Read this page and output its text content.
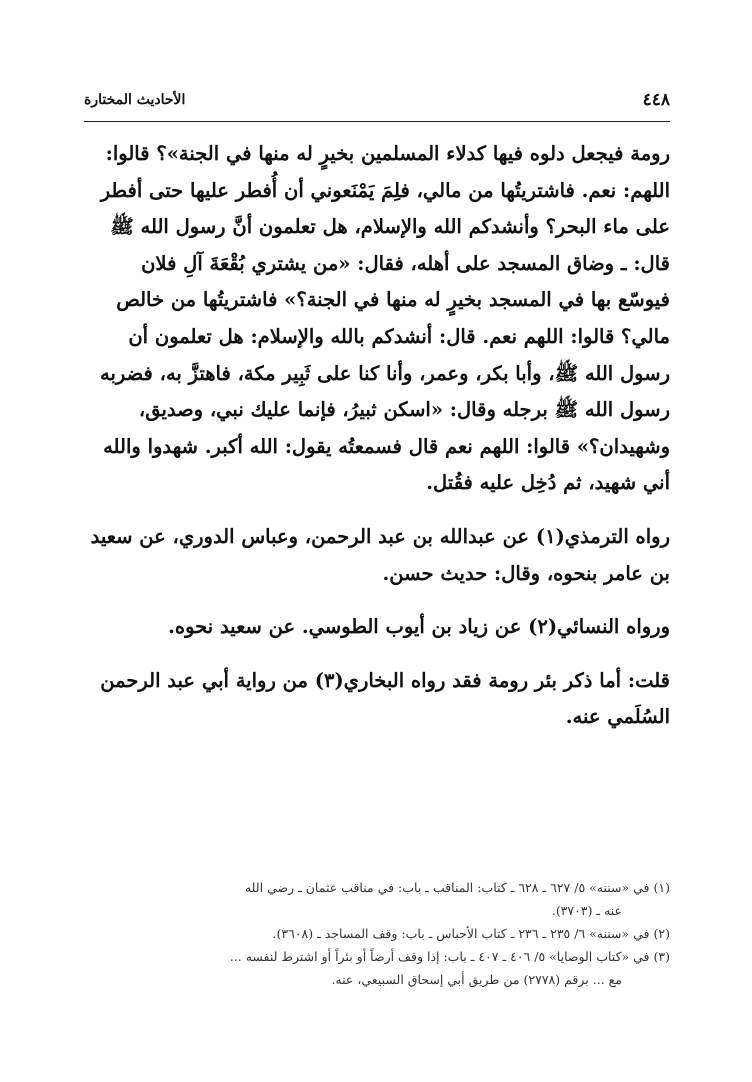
٤٤٨
الأحاديث المختارة

رومة فيجعل دلوه فيها كدلاء المسلمين بخيرٍ له منها في الجنة»؟ قالوا: اللهم: نعم. فاشتريتُها من مالي، فلِمَ يَمْنَعوني أن أُفطر عليها حتى أفطر على ماء البحر؟ وأنشدكم الله والإسلام، هل تعلمون أنَّ رسول الله ﷺ قال: ـ وضاق المسجد على أهله، فقال: «من يشتري بُقْعَةَ آلِ فلان فيوسّع بها في المسجد بخيرٍ له منها في الجنة؟» فاشتريتُها من خالص مالي؟ قالوا: اللهم نعم. قال: أنشدكم بالله والإسلام: هل تعلمون أن رسول الله ﷺ، وأبا بكر، وعمر، وأنا كنا على ثَبِير مكة، فاهتزَّ به، فضربه رسول الله ﷺ برجله وقال: «اسكن ثبيرُ، فإنما عليك نبي، وصديق، وشهيدان؟» قالوا: اللهم نعم قال فسمعتُه يقول: الله أكبر. شهدوا والله أني شهيد، ثم دُخِل عليه فقُتل.

رواه الترمذي(١) عن عبدالله بن عبد الرحمن، وعباس الدوري، عن سعيد بن عامر بنحوه، وقال: حديث حسن.

ورواه النسائي(٢) عن زياد بن أيوب الطوسي. عن سعيد نحوه.

قلت: أما ذكر بئر رومة فقد رواه البخاري(٣) من رواية أبي عبد الرحمن السُلَمي عنه.

(١) في «سننه» ٥/ ٦٢٧ ـ ٦٢٨ ـ كتاب: المناقب ـ باب: في مناقب عثمان ـ رضي الله

عنه ـ (٣٧٠٣).

(٢) في «سننه» ٦/ ٢٣٥ ـ ٢٣٦ ـ كتاب الأحباس ـ باب: وقف المساجد ـ (٣٦٠٨).

(٣) في «كتاب الوصايا» ٥/ ٤٠٦ ـ ٤٠٧ ـ باب: إذا وقف أرضاً أو بئراً أو اشترط لنفسه ...

مع ... برقم (٢٧٧٨) من طريق أبي إسحاق السبيعي، عنه.
